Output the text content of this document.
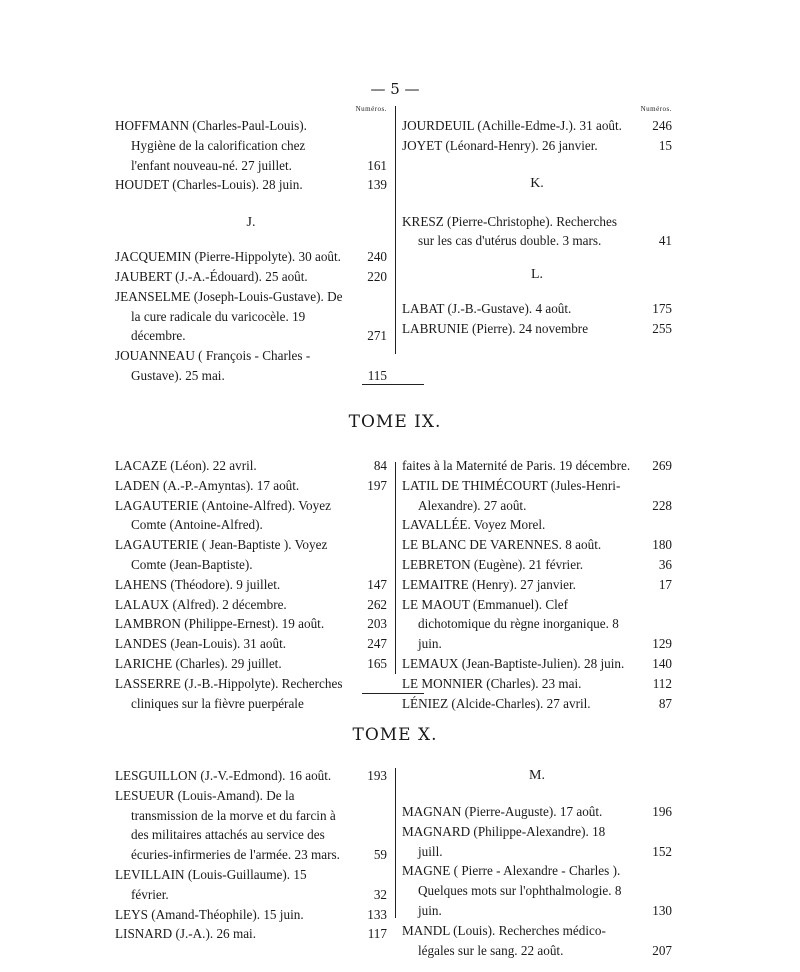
— 5 —
Numéros.
HOFFMANN (Charles-Paul-Louis). Hygiène de la calorification chez l'enfant nouveau-né. 27 juillet.	161
HOUDET (Charles-Louis). 28 juin.	139
J.
JACQUEMIN (Pierre-Hippolyte). 30 août.	240
JAUBERT (J.-A.-Édouard). 25 août.	220
JEANSELME (Joseph-Louis-Gustave). De la cure radicale du varicocèle. 19 décembre.	271
JOUANNEAU ( François - Charles - Gustave). 25 mai.	115
Numéros.
JOURDEUIL (Achille-Edme-J.). 31 août.	246
JOYET (Léonard-Henry). 26 janvier.	15
K.
KRESZ (Pierre-Christophe). Recherches sur les cas d'utérus double. 3 mars.	41
L.
LABAT (J.-B.-Gustave). 4 août.	175
LABRUNIE (Pierre). 24 novembre	255
TOME IX.
LACAZE (Léon). 22 avril.	84
LADEN (A.-P.-Amyntas). 17 août.	197
LAGAUTERIE (Antoine-Alfred). Voyez Comte (Antoine-Alfred).
LAGAUTERIE ( Jean-Baptiste ). Voyez Comte (Jean-Baptiste).
LAHENS (Théodore). 9 juillet.	147
LALAUX (Alfred). 2 décembre.	262
LAMBRON (Philippe-Ernest). 19 août.	203
LANDES (Jean-Louis). 31 août.	247
LARICHE (Charles). 29 juillet.	165
LASSERRE (J.-B.-Hippolyte). Recherches cliniques sur la fièvre puerpérale
faites à la Maternité de Paris. 19 décembre. 269
LATIL DE THIMÉCOURT (Jules-Henri-Alexandre). 27 août.	228
LAVALLÉE. Voyez Morel.
LE BLANC DE VARENNES. 8 août.	180
LEBRETON (Eugène). 21 février.	36
LEMAITRE (Henry). 27 janvier.	17
LE MAOUT (Emmanuel). Clef dichotomique du règne inorganique. 8 juin.	129
LEMAUX (Jean-Baptiste-Julien). 28 juin.	140
LE MONNIER (Charles). 23 mai.	112
LÉNIEZ (Alcide-Charles). 27 avril.	87
TOME X.
LESGUILLON (J.-V.-Edmond). 16 août.	193
LESUEUR (Louis-Amand). De la transmission de la morve et du farcin à des militaires attachés au service des écuries-infirmeries de l'armée. 23 mars.	59
LEVILLAIN (Louis-Guillaume). 15 février.	32
LEYS (Amand-Théophile). 15 juin.	133
LISNARD (J.-A.). 26 mai.	117
M.
MAGNAN (Pierre-Auguste). 17 août.	196
MAGNARD (Philippe-Alexandre). 18 juill.	152
MAGNE ( Pierre - Alexandre - Charles ). Quelques mots sur l'ophthalmologie. 8 juin.	130
MANDL (Louis). Recherches médico-légales sur le sang. 22 août.	207
